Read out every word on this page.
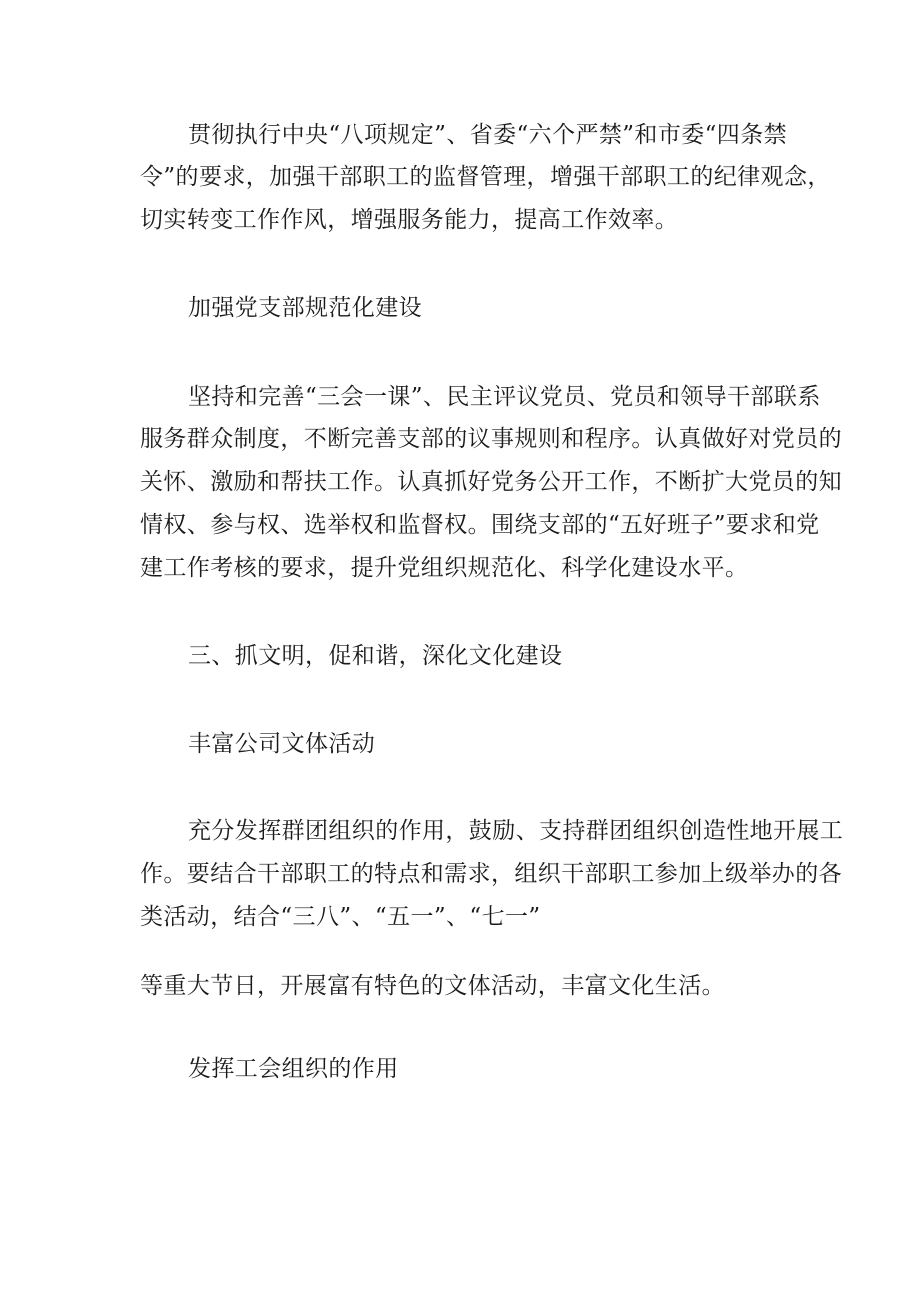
贯彻执行中央“八项规定”、省委“六个严禁”和市委“四条禁
令”的要求，加强干部职工的监督管理，增强干部职工的纪律观念，
切实转变工作作风，增强服务能力，提高工作效率。
加强党支部规范化建设
坚持和完善“三会一课”、民主评议党员、党员和领导干部联系
服务群众制度，不断完善支部的议事规则和程序。认真做好对党员的
关怀、激励和帮扶工作。认真抓好党务公开工作，不断扩大党员的知
情权、参与权、选举权和监督权。围绕支部的“五好班子”要求和党
建工作考核的要求，提升党组织规范化、科学化建设水平。
三、抓文明，促和谐，深化文化建设
丰富公司文体活动
充分发挥群团组织的作用，鼓励、支持群团组织创造性地开展工
作。要结合干部职工的特点和需求，组织干部职工参加上级举办的各
类活动，结合“三八”、“五一”、“七一”
等重大节日，开展富有特色的文体活动，丰富文化生活。
发挥工会组织的作用
